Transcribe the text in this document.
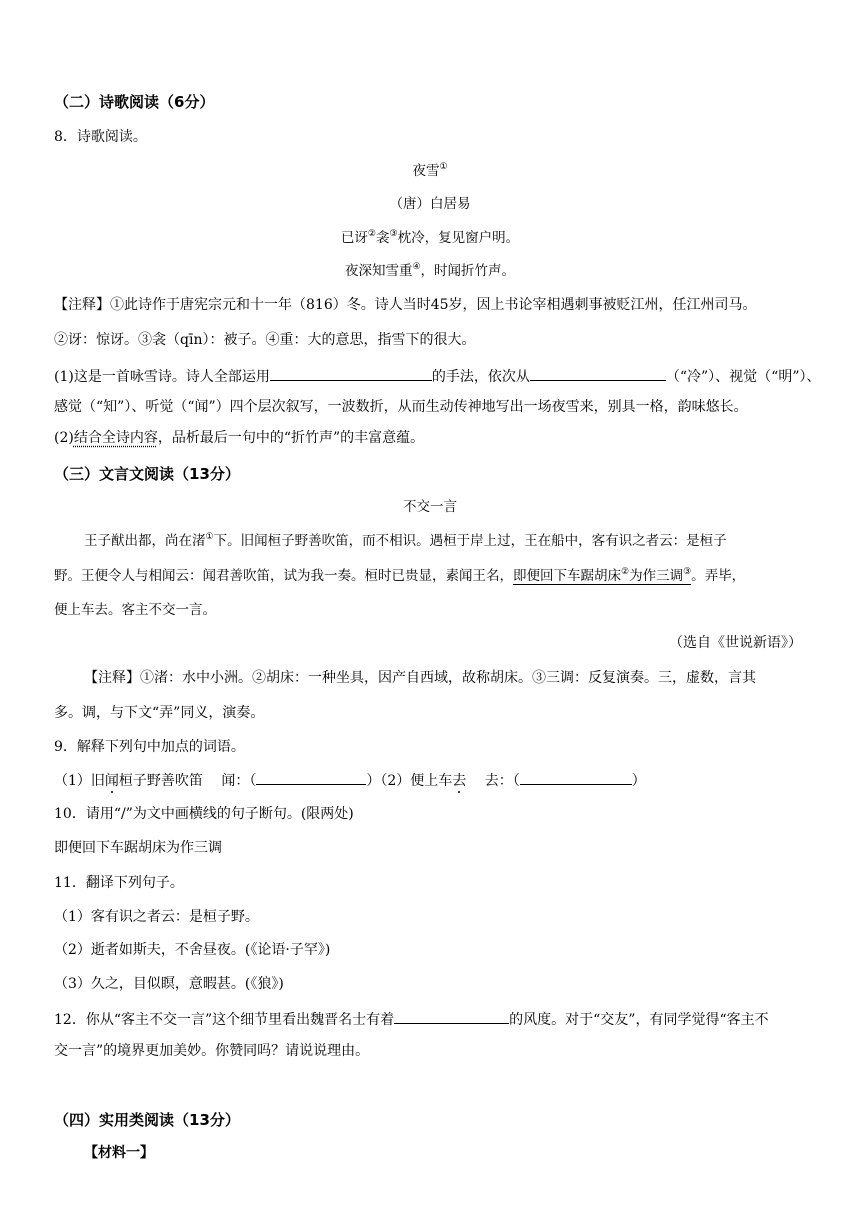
（二）诗歌阅读（6分）
8．诗歌阅读。
夜雪①
（唐）白居易
已讶②衾③枕冷，复见窗户明。
夜深知雪重④，时闻折竹声。
【注释】①此诗作于唐宪宗元和十一年（816）冬。诗人当时45岁，因上书论宰相遇刺事被贬江州，任江州司马。
②讶：惊讶。③衾（qīn）：被子。④重：大的意思，指雪下的很大。
(1)这是一首咏雪诗。诗人全部运用	的手法，依次从	（“冷”）、视觉（“明”）、
感觉（“知”）、听觉（“闻”）四个层次叙写，一波数折，从而生动传神地写出一场夜雪来，别具一格，韵味悠长。
(2)结合全诗内容，品析最后一句中的“折竹声”的丰富意蕴。
（三）文言文阅读（13分）
不交一言
王子猷出都，尚在渚①下。旧闻桓子野善吹笛，而不相识。遇桓于岸上过，王在船中，客有识之者云：是桓子
野。王便令人与相闻云：闻君善吹笛，试为我一奏。桓时已贵显，素闻王名，即便回下车踞胡床②为作三调③。弄毕，
便上车去。客主不交一言。
（选自《世说新语》）
【注释】①渚：水中小洲。②胡床：一种坐具，因产自西域，故称胡床。③三调：反复演奏。三，虚数，言其
多。调，与下文“弄”同义，演奏。
9．解释下列句中加点的词语。
（1）旧闻桓子野善吹笛　 闻：（	）（2）便上车去　 去：（	）
10．请用“/”为文中画横线的句子断句。(限两处)
即便回下车踞胡床为作三调
11．翻译下列句子。
（1）客有识之者云：是桓子野。
（2）逝者如斯夫，不舍昼夜。(《论语·子罕》)
（3）久之，目似瞑，意暇甚。(《狼》)
12．你从“客主不交一言”这个细节里看出魏晋名士有着	的风度。对于“交友”，有同学觉得“客主不
交一言”的境界更加美妙。你赞同吗？请说说理由。
（四）实用类阅读（13分）
【材料一】
